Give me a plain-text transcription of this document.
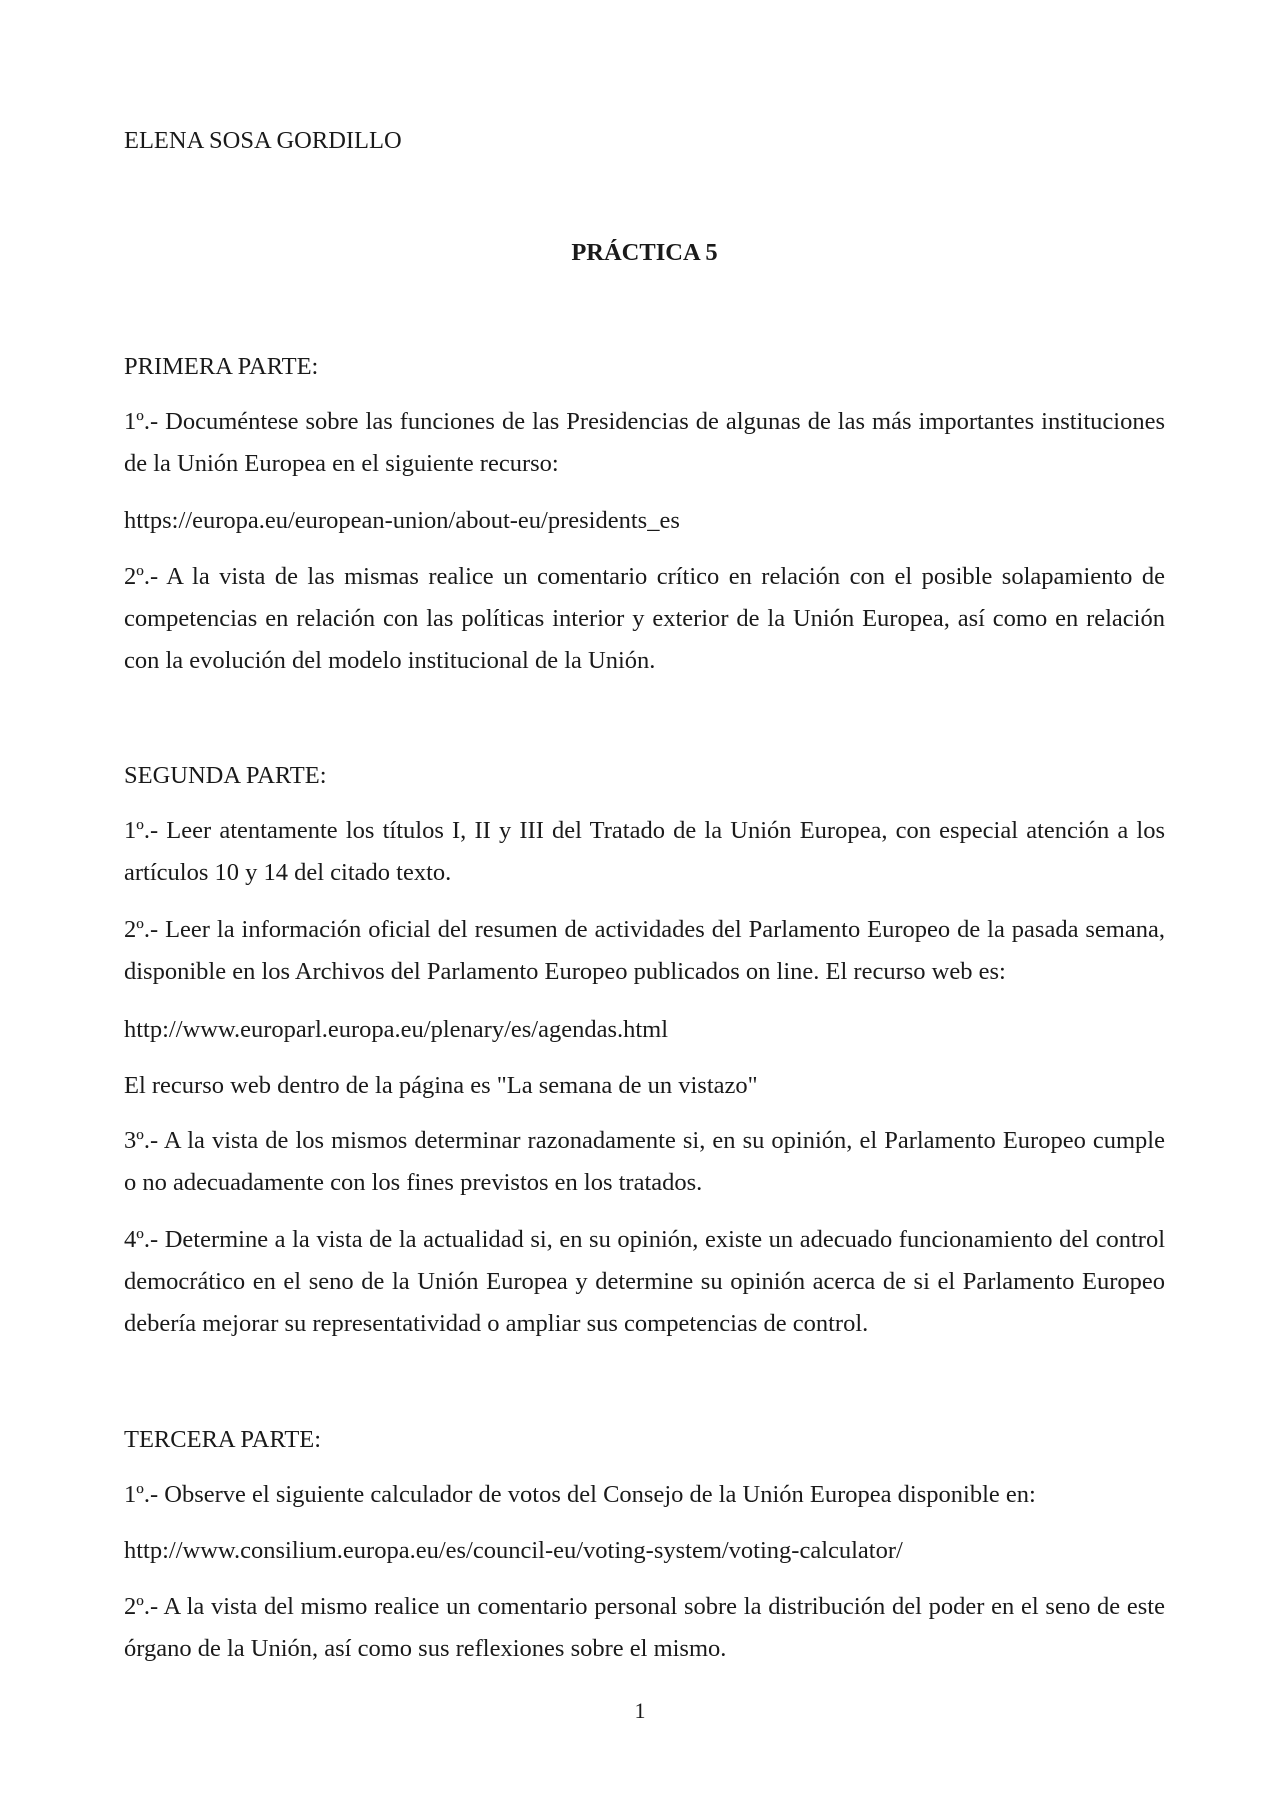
ELENA SOSA GORDILLO

PRÁCTICA 5

PRIMERA PARTE:

1º.- Documéntese sobre las funciones de las Presidencias de algunas de las más importantes instituciones de la Unión Europea en el siguiente recurso:

https://europa.eu/european-union/about-eu/presidents_es

2º.- A la vista de las mismas realice un comentario crítico en relación con el posible solapamiento de competencias en relación con las políticas interior y exterior de la Unión Europea, así como en relación con la evolución del modelo institucional de la Unión.

SEGUNDA PARTE:

1º.- Leer atentamente los títulos I, II y III del Tratado de la Unión Europea, con especial atención a los artículos 10 y 14 del citado texto.

2º.- Leer la información oficial del resumen de actividades del Parlamento Europeo de la pasada semana, disponible en los Archivos del Parlamento Europeo publicados on line. El recurso web es:

http://www.europarl.europa.eu/plenary/es/agendas.html

El recurso web dentro de la página es "La semana de un vistazo"

3º.- A la vista de los mismos determinar razonadamente si, en su opinión, el Parlamento Europeo cumple o no adecuadamente con los fines previstos en los tratados.

4º.- Determine a la vista de la actualidad si, en su opinión, existe un adecuado funcionamiento del control democrático en el seno de la Unión Europea y determine su opinión acerca de si el Parlamento Europeo debería mejorar su representatividad o ampliar sus competencias de control.

TERCERA PARTE:

1º.- Observe el siguiente calculador de votos del Consejo de la Unión Europea disponible en:

http://www.consilium.europa.eu/es/council-eu/voting-system/voting-calculator/

2º.- A la vista del mismo realice un comentario personal sobre la distribución del poder en el seno de este órgano de la Unión, así como sus reflexiones sobre el mismo.

1
